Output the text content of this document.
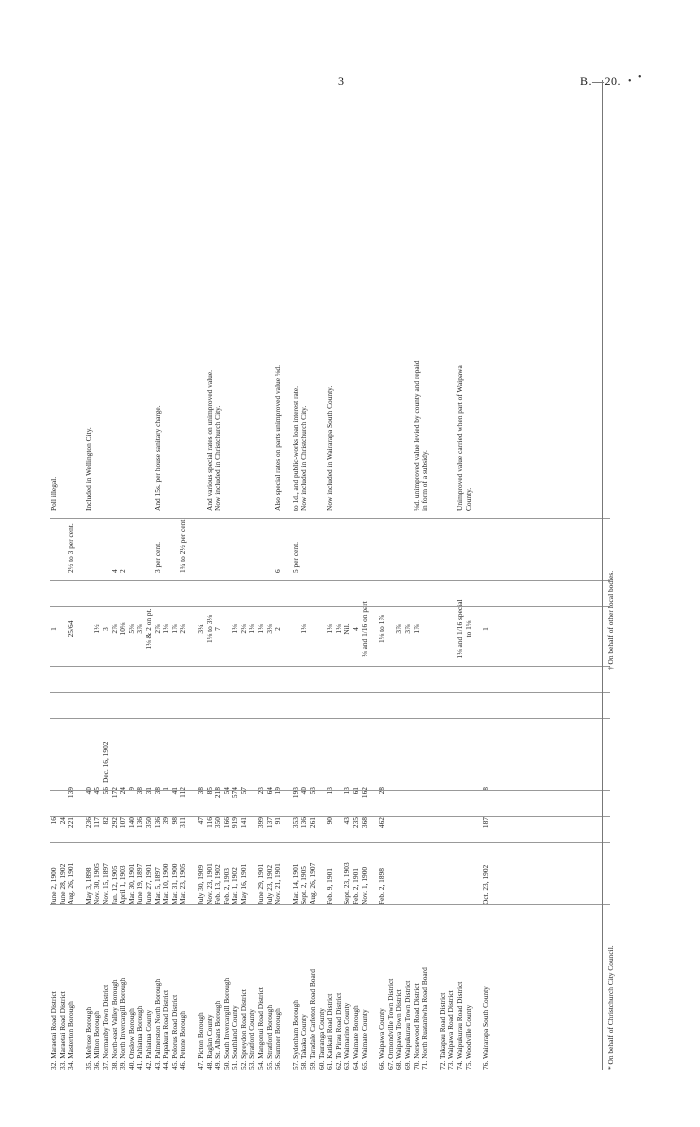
3	B.—20. •
•
32. Maraetai Road District
June 2, 1900
16
1
Poll illegal.
33. Maraetai Road District
June 28, 1902
24
34. Masterton Borough
Aug. 26, 1901
221
139
25/64
2½ to 3 per cent.
35. Melrose Borough
May 3, 1898
236
40
Included in Wellington City.
36. Milton Borough
Nov. 30, 1905
117
45
1½
37. Normanby Town District
Nov. 15, 1897
82
56
Dec. 16, 1902
3
38. North-east Valley Borough
Jan. 12, 1905
292
172
2⅞
4
39. North Invercargill Borough
April 1, 1903
107
24
10⅛
2
40. Onslow Borough
Mar. 30, 1901
140
9
5⅜
41. Pahiatua Borough
June 19, 1897
136
38
3⅞
42. Pahiatua County
June 27, 1901
350
31
1⅛ & 2 on pt.
43. Palmerston North Borough
Mar. 5, 1897
136
38
2⅞
3 per cent.
And 15s. per house sanitary charge.
44. Papakura Road District
Mar. 10, 1900
39
1
1⅛
45. Polorus Road District
Mar. 31, 1900
98
41
1⅞
46. Petone Borough
Mar. 23, 1905
311
112
2⅛
1¾ to 2½ per cent.
47. Picton Borough
July 30, 1909
47
38
3¼
48. Raglan County
Nov. 23, 1901
116
85
1⅛ to 3⅛
And various special rates on unimproved value.
49. St. Albans Borough
Feb. 13, 1902
350
218
7
Now included in Christchurch City.
50. South Invercargill Borough
Feb. 2, 1903
166
54
51. Southland County
Mar. 1, 1902
919
574
1⅛
52. Spreydon Road District
May 16, 1901
141
57
2⅛
53. Stratford County
1⅛
54. Mangonui Road District
June 29, 1901
399
23
1⅛
55. Stratford Borough
July 23, 1902
137
64
3⅛
56. Sumner Borough
Nov. 21, 1901
91
19
2
6
Also special rates on parts unimproved value ⅛d.
57. Sydenham Borough
Mar. 14, 1901
353
193
5 per cent.
to 1d., and public-works loan interest rate.
58. Takaka County
Sept. 2, 1905
136
40
1⅛
Now included in Christchurch City.
59. Taradale Carleton Road Board
Aug. 26, 1907
261
53
60. Tauranga County 61. Katikati Road District
Feb. 9, 1901
90
13
1⅛
Now included in Wairarapa South County.
62. Te Pirau Road District
1⅛
63. Waimarino County
Sept. 23, 1903
43
13
Nil.
64. Waimate Borough
Feb. 2, 1901
235
61
4
65. Waimate County
Nov. 1, 1900
368
162
⅛ and 1/16 on part
66. Waipawa County
Feb. 2, 1898
462
28
1⅛ to 1⅞
67. Ormondville Town District 68. Waipawa Town District
3⅞
69. Waipukurau Town District
3⅞
70. Norsewood Road District
1⅞
⅛d. unimproved value levied by county and repaid
71. North Ruataniwha Road Board
in form of a subsidy.
72. Takapau Road District 73. Waipawa Road District 74. Waipukurau Road District
1⅛ and 1/16 special
Unimproved value carried when part of Waipawa
75. Woodville County
to 1⅛
County.
76. Wairarapa South County
Oct. 23, 1902
187
8
1
* On behalf of Christchurch City Council.
† On behalf of other local bodies.
